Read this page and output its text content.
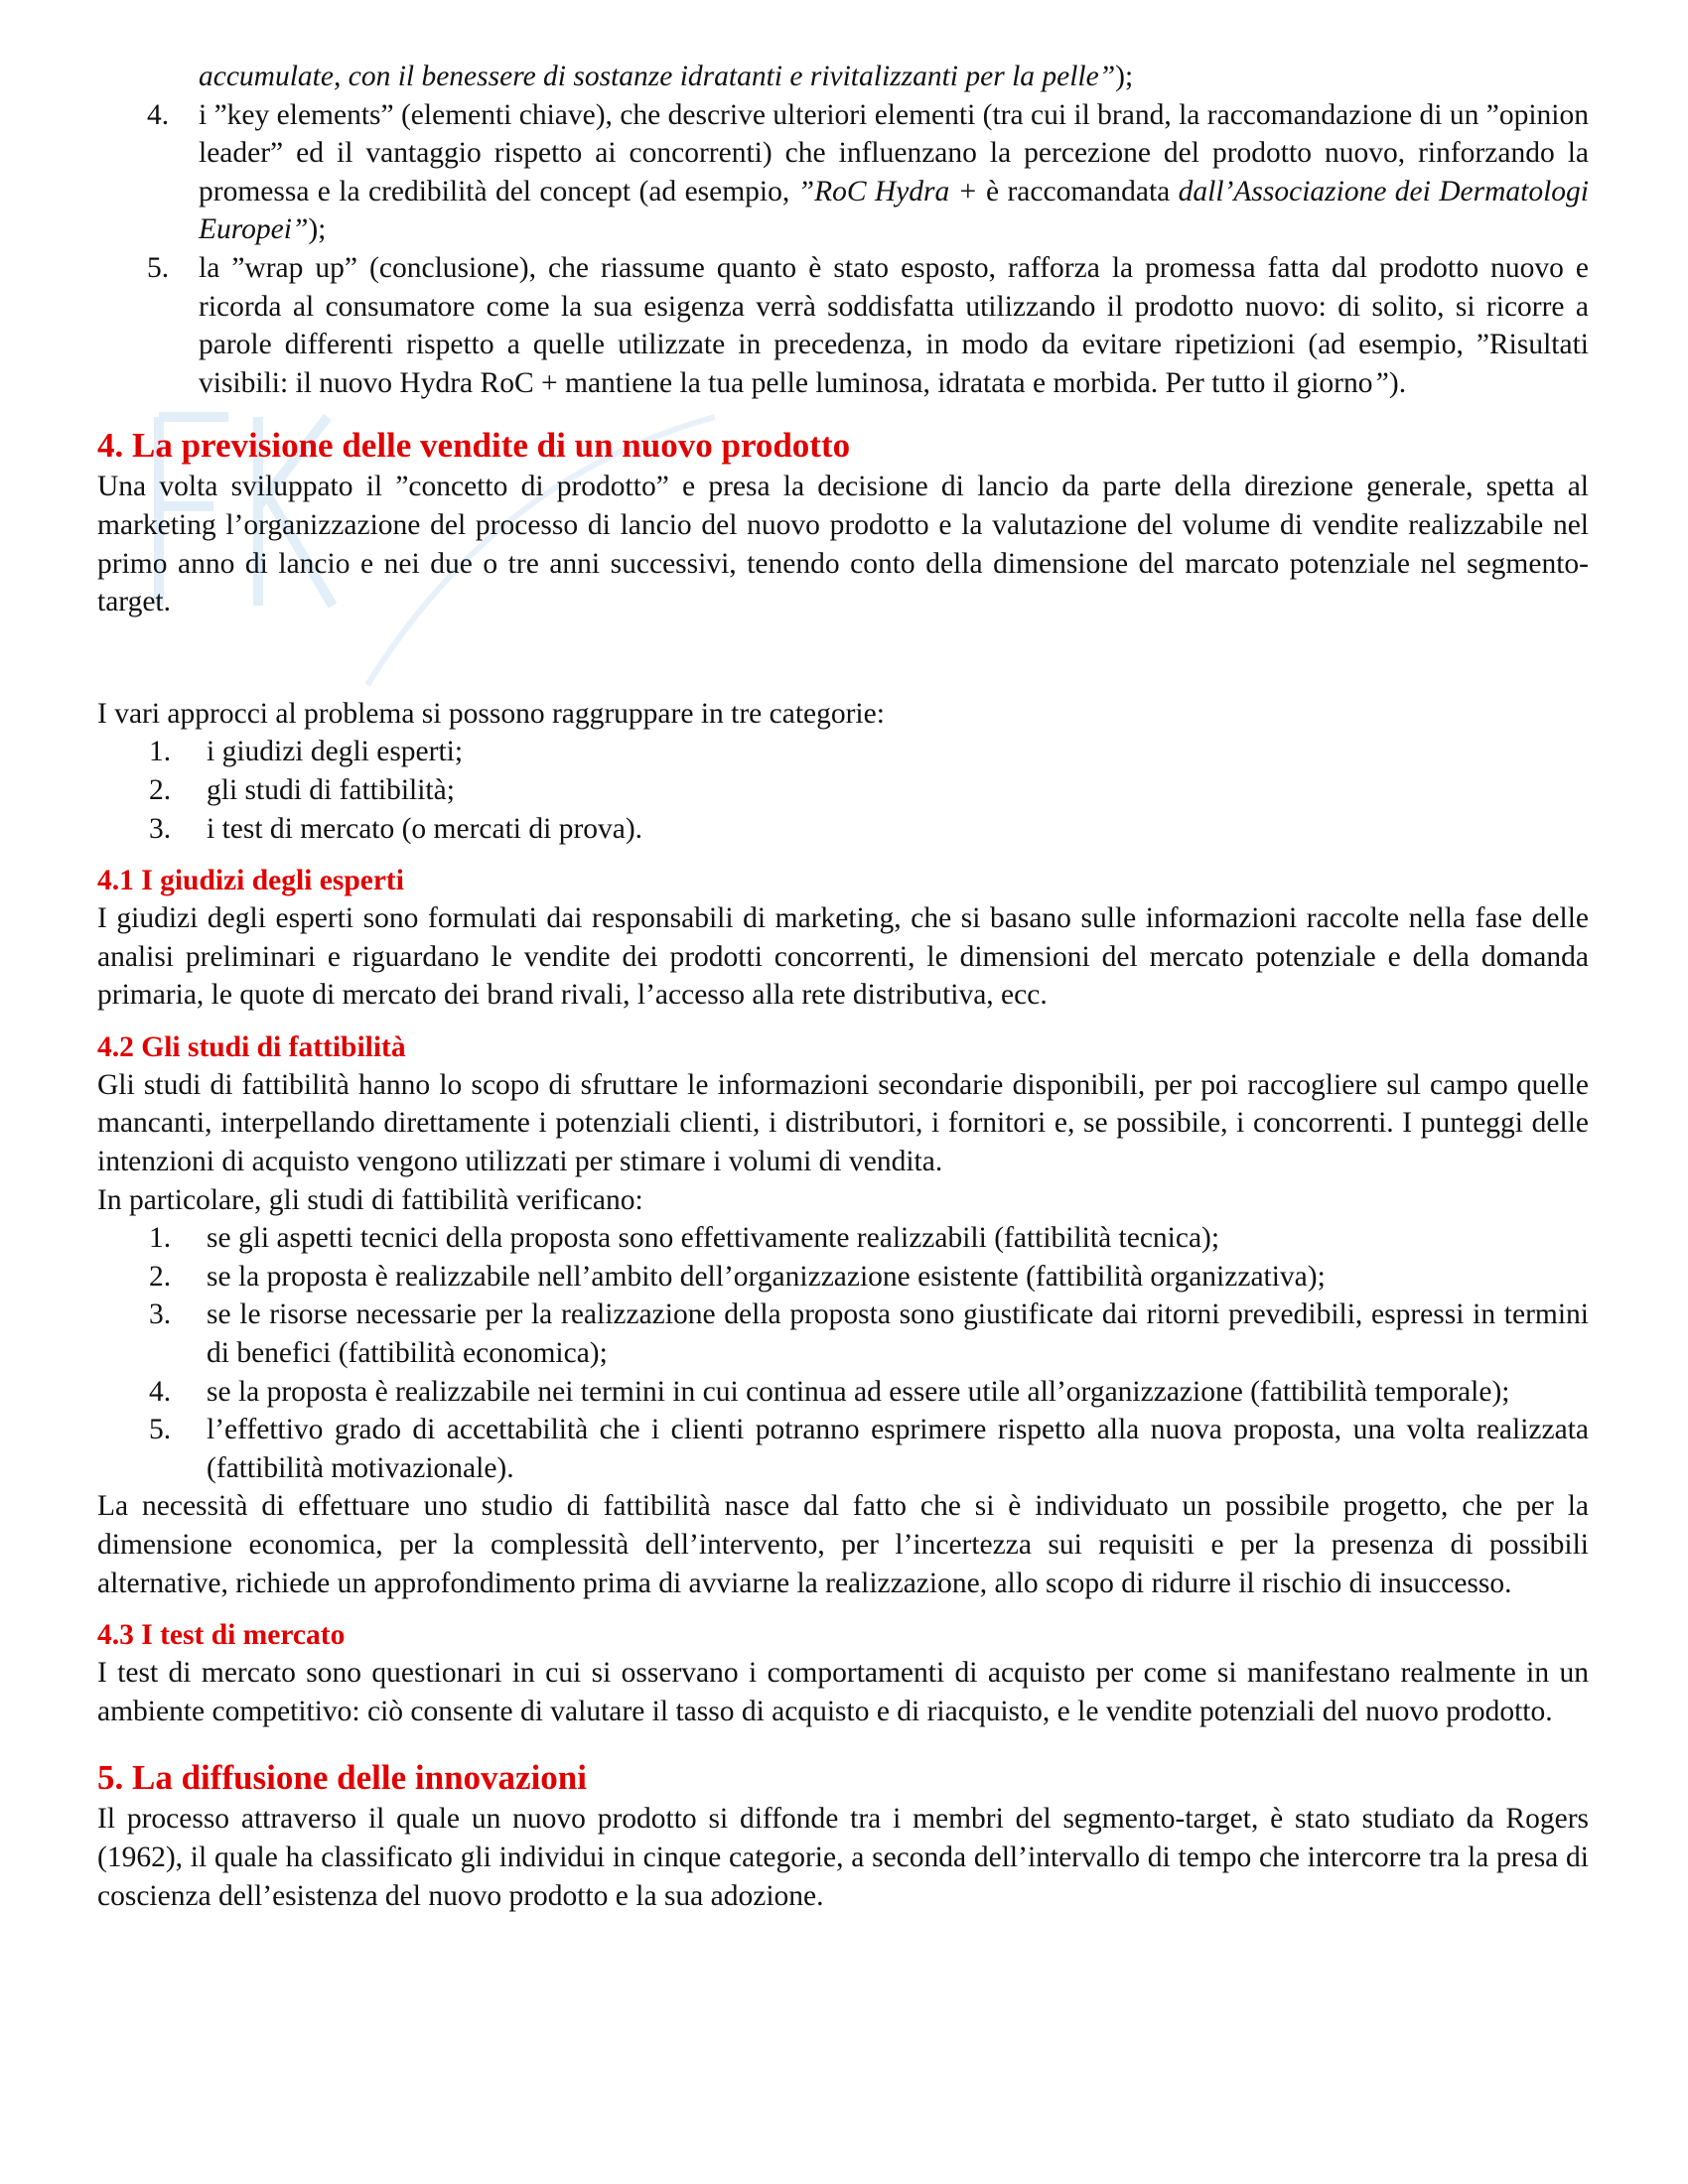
accumulate, con il benessere di sostanze idratanti e rivitalizzanti per la pelle”);
4. i ”key elements” (elementi chiave), che descrive ulteriori elementi (tra cui il brand, la raccomandazione di un ”opinion leader” ed il vantaggio rispetto ai concorrenti) che influenzano la percezione del prodotto nuovo, rinforzando la promessa e la credibilità del concept (ad esempio, ”RoC Hydra + è raccomandata dall’Associazione dei Dermatologi Europei”);
5. la ”wrap up” (conclusione), che riassume quanto è stato esposto, rafforza la promessa fatta dal prodotto nuovo e ricorda al consumatore come la sua esigenza verrà soddisfatta utilizzando il prodotto nuovo: di solito, si ricorre a parole differenti rispetto a quelle utilizzate in precedenza, in modo da evitare ripetizioni (ad esempio, ”Risultati visibili: il nuovo Hydra RoC + mantiene la tua pelle luminosa, idratata e morbida. Per tutto il giorno”).
4. La previsione delle vendite di un nuovo prodotto

Una volta sviluppato il ”concetto di prodotto” e presa la decisione di lancio da parte della direzione generale, spetta al marketing l’organizzazione del processo di lancio del nuovo prodotto e la valutazione del volume di vendite realizzabile nel primo anno di lancio e nei due o tre anni successivi, tenendo conto della dimensione del marcato potenziale nel segmento-target.

I vari approcci al problema si possono raggruppare in tre categorie:

1. i giudizi degli esperti;
2. gli studi di fattibilità;
3. i test di mercato (o mercati di prova).
4.1 I giudizi degli esperti

I giudizi degli esperti sono formulati dai responsabili di marketing, che si basano sulle informazioni raccolte nella fase delle analisi preliminari e riguardano le vendite dei prodotti concorrenti, le dimensioni del mercato potenziale e della domanda primaria, le quote di mercato dei brand rivali, l’accesso alla rete distributiva, ecc.

4.2 Gli studi di fattibilità

Gli studi di fattibilità hanno lo scopo di sfruttare le informazioni secondarie disponibili, per poi raccogliere sul campo quelle mancanti, interpellando direttamente i potenziali clienti, i distributori, i fornitori e, se possibile, i concorrenti. I punteggi delle intenzioni di acquisto vengono utilizzati per stimare i volumi di vendita.

In particolare, gli studi di fattibilità verificano:

1. se gli aspetti tecnici della proposta sono effettivamente realizzabili (fattibilità tecnica);
2. se la proposta è realizzabile nell’ambito dell’organizzazione esistente (fattibilità organizzativa);
3. se le risorse necessarie per la realizzazione della proposta sono giustificate dai ritorni prevedibili, espressi in termini di benefici (fattibilità economica);
4. se la proposta è realizzabile nei termini in cui continua ad essere utile all’organizzazione (fattibilità temporale);
5. l’effettivo grado di accettabilità che i clienti potranno esprimere rispetto alla nuova proposta, una volta realizzata (fattibilità motivazionale).

La necessità di effettuare uno studio di fattibilità nasce dal fatto che si è individuato un possibile progetto, che per la dimensione economica, per la complessità dell’intervento, per l’incertezza sui requisiti e per la presenza di possibili alternative, richiede un approfondimento prima di avviarne la realizzazione, allo scopo di ridurre il rischio di insuccesso.

4.3 I test di mercato

I test di mercato sono questionari in cui si osservano i comportamenti di acquisto per come si manifestano realmente in un ambiente competitivo: ciò consente di valutare il tasso di acquisto e di riacquisto, e le vendite potenziali del nuovo prodotto.

5. La diffusione delle innovazioni

Il processo attraverso il quale un nuovo prodotto si diffonde tra i membri del segmento-target, è stato studiato da Rogers (1962), il quale ha classificato gli individui in cinque categorie, a seconda dell’intervallo di tempo che intercorre tra la presa di coscienza dell’esistenza del nuovo prodotto e la sua adozione.
